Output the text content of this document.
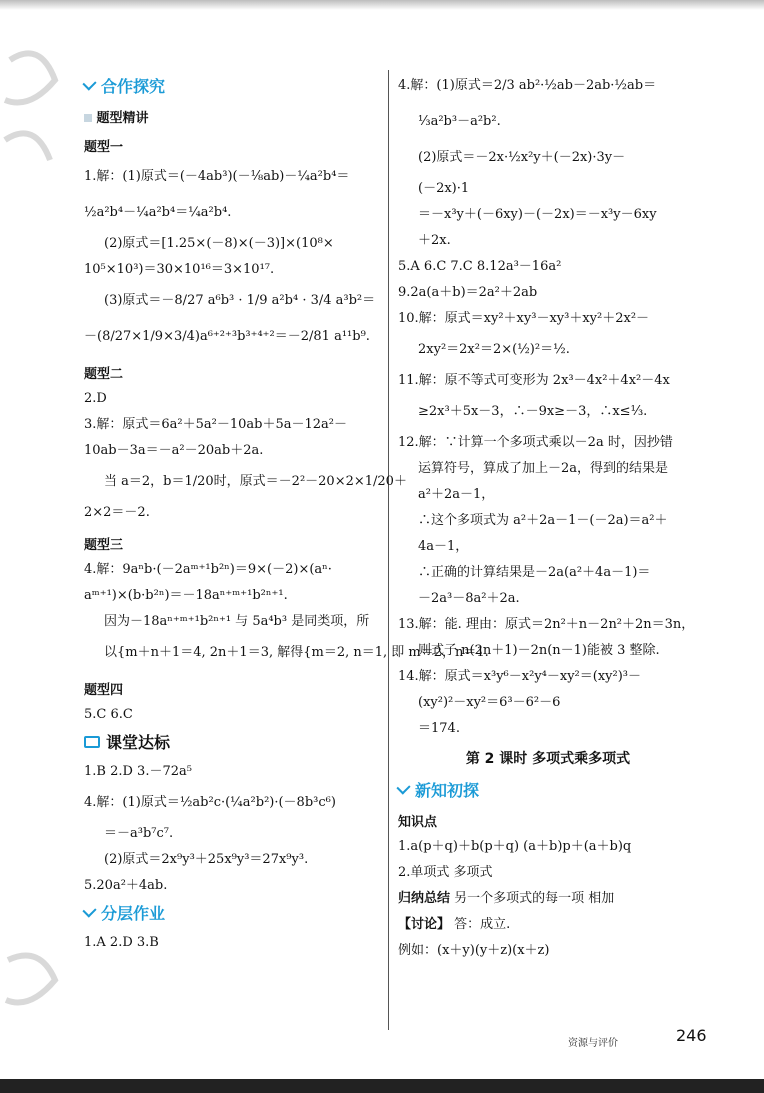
合作探究
题型精讲
题型一

1.解：(1)原式＝(－4ab³)(－⅛ab)－¼a²b⁴＝

½a²b⁴－¼a²b⁴＝¼a²b⁴.

(2)原式＝[1.25×(－8)×(－3)]×(10⁸×

10⁵×10³)＝30×10¹⁶＝3×10¹⁷.

(3)原式＝－8/27 a⁶b³ · 1/9 a²b⁴ · 3/4 a³b²＝

－(8/27×1/9×3/4)a⁶⁺²⁺³b³⁺⁴⁺²＝－2/81 a¹¹b⁹.

题型二

2.D

3.解：原式＝6a²＋5a²－10ab＋5a－12a²－

10ab－3a＝－a²－20ab＋2a.

当 a＝2，b＝1/20时，原式＝－2²－20×2×1/20＋

2×2＝－2.

题型三

4.解：9aⁿb·(－2aᵐ⁺¹b²ⁿ)＝9×(－2)×(aⁿ·

aᵐ⁺¹)×(b·b²ⁿ)＝－18aⁿ⁺ᵐ⁺¹b²ⁿ⁺¹.

因为－18aⁿ⁺ᵐ⁺¹b²ⁿ⁺¹ 与 5a⁴b³ 是同类项，所

以{m＋n＋1＝4, 2n＋1＝3, 解得{m＝2, n＝1, 即 m＝2，n＝1.

题型四

5.C 6.C

课堂达标

1.B 2.D 3.－72a⁵

4.解：(1)原式＝½ab²c·(¼a²b²)·(－8b³c⁶)

＝－a³b⁷c⁷.

(2)原式＝2x⁹y³＋25x⁹y³＝27x⁹y³.

5.20a²＋4ab.

分层作业

1.A 2.D 3.B

4.解：(1)原式＝2/3 ab²·½ab－2ab·½ab＝

⅓a²b³－a²b².

(2)原式＝－2x·½x²y＋(－2x)·3y－

(－2x)·1

＝－x³y＋(－6xy)－(－2x)＝－x³y－6xy

＋2x.

5.A 6.C 7.C 8.12a³－16a²

9.2a(a＋b)＝2a²＋2ab

10.解：原式＝xy²＋xy³－xy³＋xy²＋2x²－

2xy²＝2x²＝2×(½)²＝½.

11.解：原不等式可变形为 2x³－4x²＋4x²－4x

≥2x³＋5x－3，∴－9x≥－3，∴x≤⅓.

12.解：∵计算一个多项式乘以－2a 时，因抄错

运算符号，算成了加上－2a，得到的结果是

a²＋2a－1，

∴这个多项式为 a²＋2a－1－(－2a)＝a²＋

4a－1，

∴正确的计算结果是－2a(a²＋4a－1)＝

－2a³－8a²＋2a.

13.解：能. 理由：原式＝2n²＋n－2n²＋2n＝3n，

则式子 n(2n＋1)－2n(n－1)能被 3 整除.

14.解：原式＝x³y⁶－x²y⁴－xy²＝(xy²)³－

(xy²)²－xy²＝6³－6²－6

＝174.

第 2 课时 多项式乘多项式
新知初探
知识点

1.a(p＋q)＋b(p＋q) (a＋b)p＋(a＋b)q

2.单项式 多项式

归纳总结 另一个多项式的每一项 相加

【讨论】 答：成立.

例如：(x＋y)(y＋z)(x＋z)

资源与评价	246
